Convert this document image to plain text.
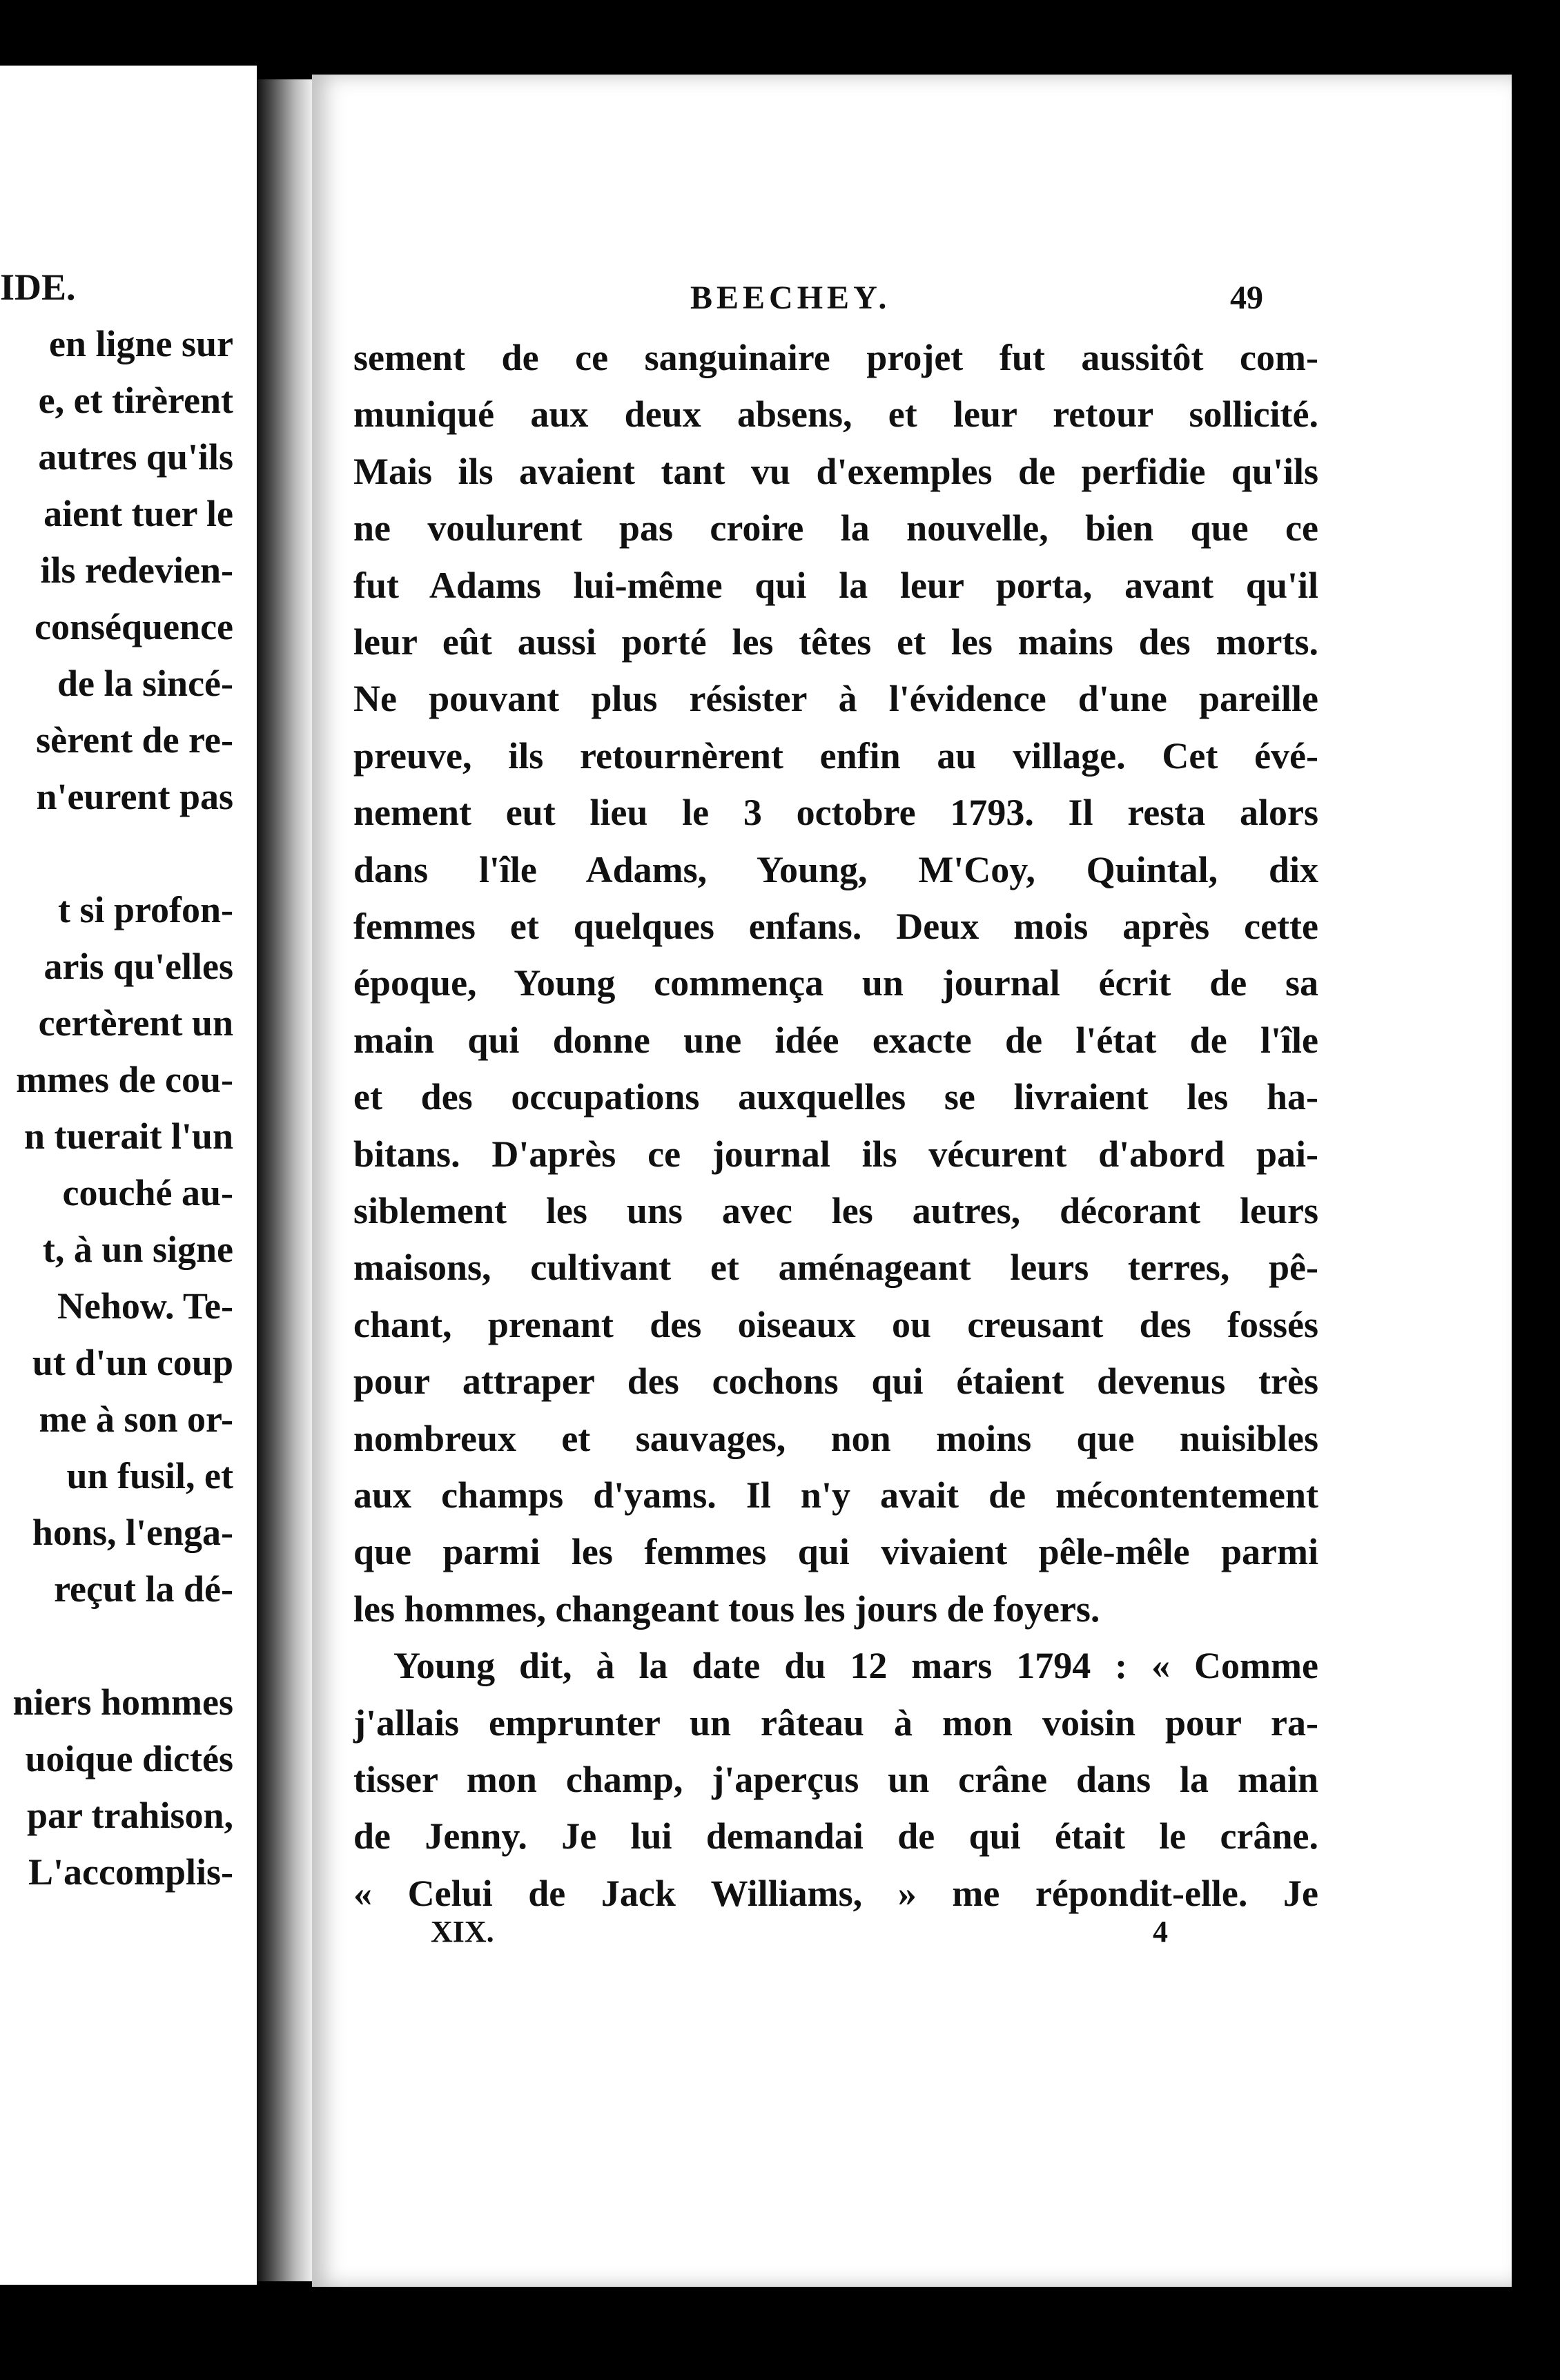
IDE.
en ligne sur
e, et tirèrent
autres qu'ils
aient tuer le
ils redevien-
conséquence
de la sincé-
sèrent de re-
n'eurent pas
t si profon-
aris qu'elles
certèrent un
mmes de cou-
n tuerait l'un
couché au-
t, à un signe
Nehow. Te-
ut d'un coup
me à son or-
un fusil, et
hons, l'enga-
reçut la dé-
niers hommes
uoique dictés
par trahison,
L'accomplis-
BEECHEY.	49
XIX.	4
sement de ce sanguinaire projet fut aussitôt com-
muniqué aux deux absens, et leur retour sollicité.
Mais ils avaient tant vu d'exemples de perfidie qu'ils
ne voulurent pas croire la nouvelle, bien que ce
fut Adams lui-même qui la leur porta, avant qu'il
leur eût aussi porté les têtes et les mains des morts.
Ne pouvant plus résister à l'évidence d'une pareille
preuve, ils retournèrent enfin au village. Cet évé-
nement eut lieu le 3 octobre 1793. Il resta alors
dans l'île Adams, Young, M'Coy, Quintal, dix
femmes et quelques enfans. Deux mois après cette
époque, Young commença un journal écrit de sa
main qui donne une idée exacte de l'état de l'île
et des occupations auxquelles se livraient les ha-
bitans. D'après ce journal ils vécurent d'abord pai-
siblement les uns avec les autres, décorant leurs
maisons, cultivant et aménageant leurs terres, pê-
chant, prenant des oiseaux ou creusant des fossés
pour attraper des cochons qui étaient devenus très
nombreux et sauvages, non moins que nuisibles
aux champs d'yams. Il n'y avait de mécontentement
que parmi les femmes qui vivaient pêle-mêle parmi
les hommes, changeant tous les jours de foyers.
Young dit, à la date du 12 mars 1794 : « Comme
j'allais emprunter un râteau à mon voisin pour ra-
tisser mon champ, j'aperçus un crâne dans la main
de Jenny. Je lui demandai de qui était le crâne.
« Celui de Jack Williams, » me répondit-elle. Je
